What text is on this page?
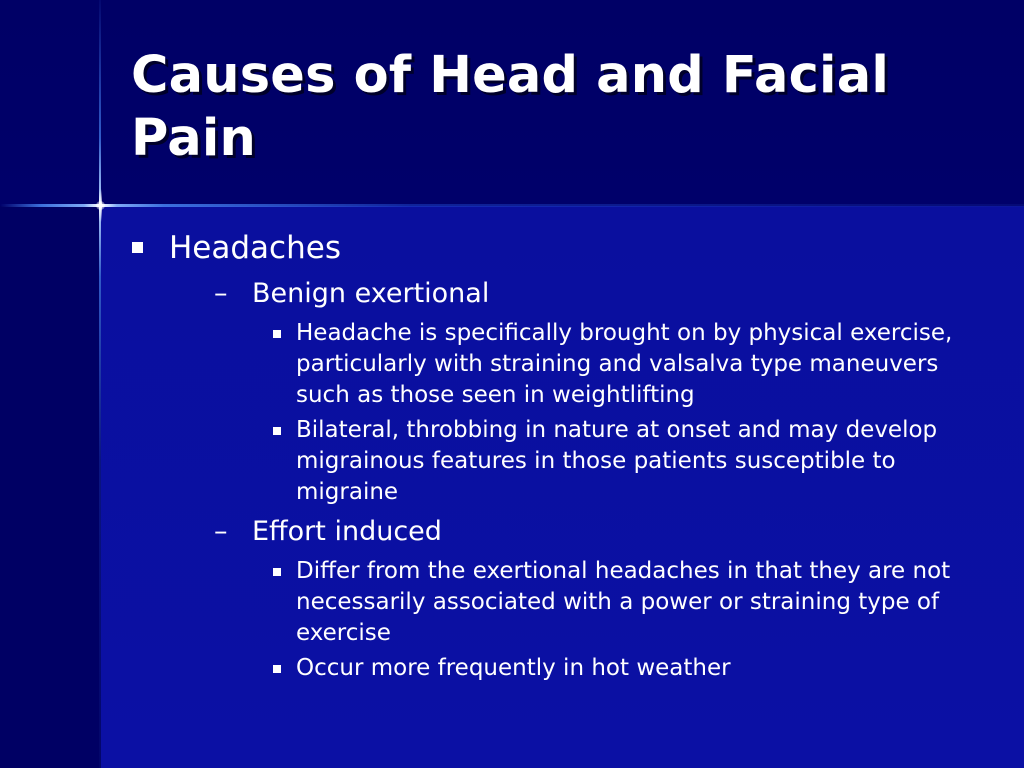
Causes of Head and Facial Pain
Headaches
– Benign exertional
Headache is specifically brought on by physical exercise, particularly with straining and valsalva type maneuvers such as those seen in weightlifting
Bilateral, throbbing in nature at onset and may develop migrainous features in those patients susceptible to migraine
– Effort induced
Differ from the exertional headaches in that they are not necessarily associated with a power or straining type of exercise
Occur more frequently in hot weather
